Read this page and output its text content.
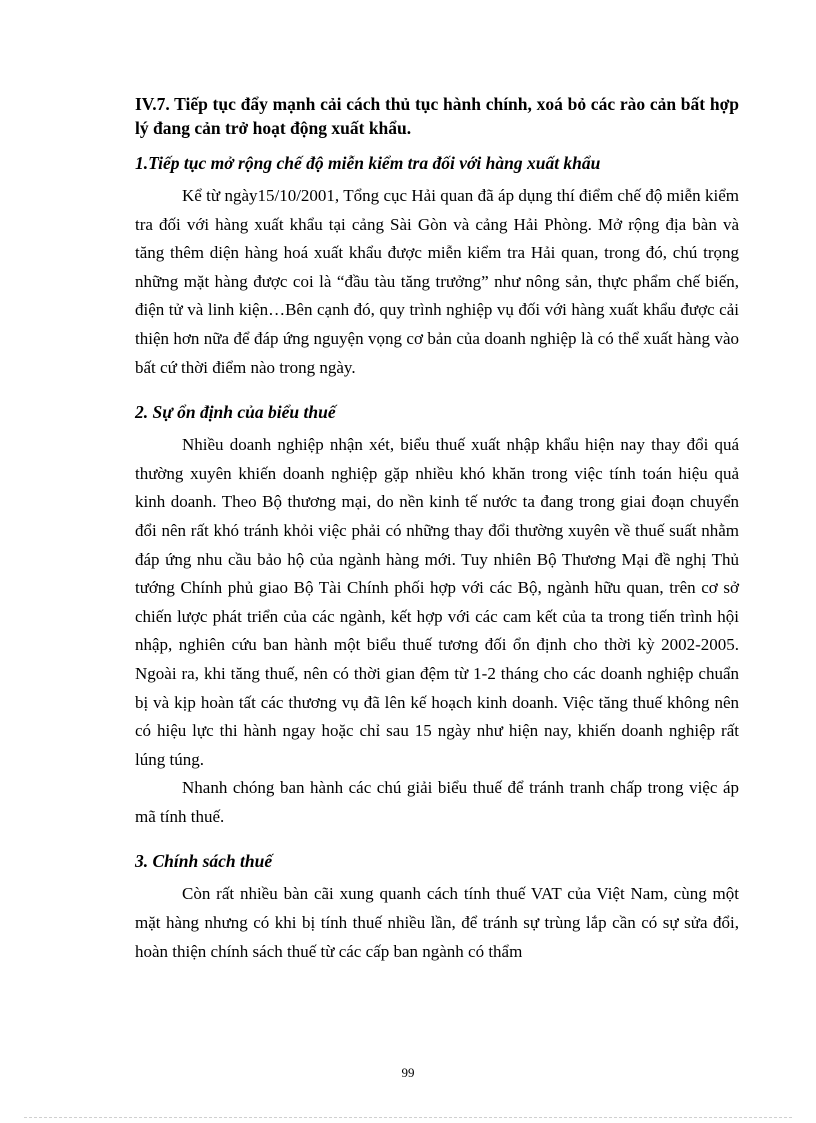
IV.7. Tiếp tục đẩy mạnh cải cách thủ tục hành chính, xoá bỏ các rào cản bất hợp lý đang cản trở hoạt động xuất khẩu.

1.Tiếp tục mở rộng chế độ miễn kiểm tra đối với hàng xuất khẩu

Kể từ ngày15/10/2001, Tổng cục Hải quan đã áp dụng thí điểm chế độ miễn kiểm tra đối với hàng xuất khẩu tại cảng Sài Gòn và cảng Hải Phòng. Mở rộng địa bàn và tăng thêm diện hàng hoá xuất khẩu được miễn kiểm tra Hải quan, trong đó, chú trọng những mặt hàng được coi là “đầu tàu tăng trưởng” như nông sản, thực phẩm chế biến, điện tử và linh kiện…Bên cạnh đó, quy trình nghiệp vụ đối với hàng xuất khẩu được cải thiện hơn nữa để đáp ứng nguyện vọng cơ bản của doanh nghiệp là có thể xuất hàng vào bất cứ thời điểm nào trong ngày.

2. Sự ổn định của biểu thuế

Nhiều doanh nghiệp nhận xét, biểu thuế xuất nhập khẩu hiện nay thay đổi quá thường xuyên khiến doanh nghiệp gặp nhiều khó khăn trong việc tính toán hiệu quả kinh doanh. Theo Bộ thương mại, do nền kinh tế nước ta đang trong giai đoạn chuyển đổi nên rất khó tránh khỏi việc phải có những thay đổi thường xuyên về thuế suất nhằm đáp ứng nhu cầu bảo hộ của ngành hàng mới. Tuy nhiên Bộ Thương Mại đề nghị Thủ tướng Chính phủ giao Bộ Tài Chính phối hợp với các Bộ, ngành hữu quan, trên cơ sở chiến lược phát triển của các ngành, kết hợp với các cam kết của ta trong tiến trình hội nhập, nghiên cứu ban hành một biểu thuế tương đối ổn định cho thời kỳ 2002-2005. Ngoài ra, khi tăng thuế, nên có thời gian đệm từ 1-2 tháng cho các doanh nghiệp chuẩn bị và kịp hoàn tất các thương vụ đã lên kế hoạch kinh doanh. Việc tăng thuế không nên có hiệu lực thi hành ngay hoặc chỉ sau 15 ngày như hiện nay, khiến doanh nghiệp rất lúng túng.

Nhanh chóng ban hành các chú giải biểu thuế để tránh tranh chấp trong việc áp mã tính thuế.

3. Chính sách thuế

Còn rất nhiều bàn cãi xung quanh cách tính thuế VAT của Việt Nam, cùng một mặt hàng nhưng có khi bị tính thuế nhiều lần, để tránh sự trùng lắp cần có sự sửa đổi, hoàn thiện chính sách thuế từ các cấp ban ngành có thẩm

99
